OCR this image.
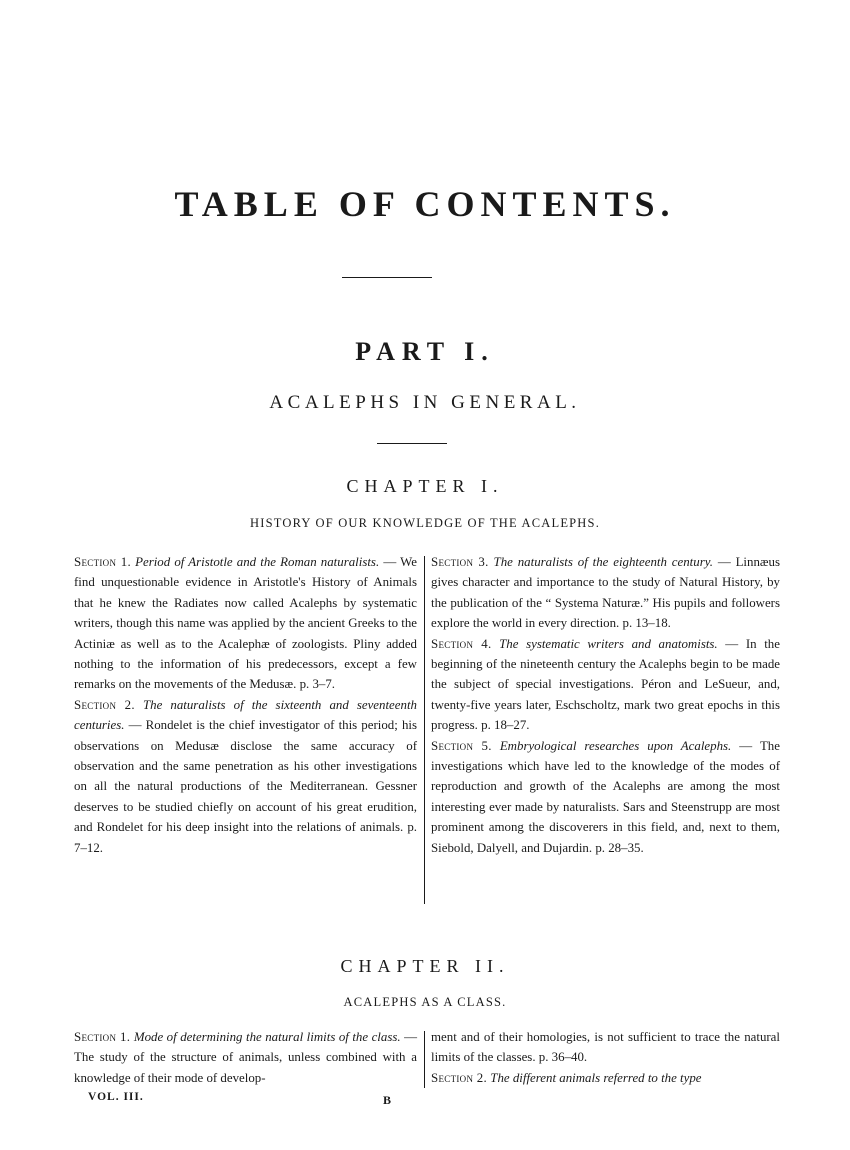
TABLE OF CONTENTS.
PART I.
ACALEPHS IN GENERAL.
CHAPTER I.
HISTORY OF OUR KNOWLEDGE OF THE ACALEPHS.

Section 1. Period of Aristotle and the Roman naturalists. — We find unquestionable evidence in Aristotle's History of Animals that he knew the Radiates now called Acalephs by systematic writers, though this name was applied by the ancient Greeks to the Actiniæ as well as to the Acalephæ of zoologists. Pliny added nothing to the information of his predecessors, except a few remarks on the movements of the Medusæ. p. 3–7.

Section 2. The naturalists of the sixteenth and seventeenth centuries. — Rondelet is the chief investigator of this period; his observations on Medusæ disclose the same accuracy of observation and the same penetration as his other investigations on all the natural productions of the Mediterranean. Gessner deserves to be studied chiefly on account of his great erudition, and Rondelet for his deep insight into the relations of animals. p. 7–12.

Section 3. The naturalists of the eighteenth century. — Linnæus gives character and importance to the study of Natural History, by the publication of the “ Systema Naturæ.” His pupils and followers explore the world in every direction. p. 13–18.

Section 4. The systematic writers and anatomists. — In the beginning of the nineteenth century the Acalephs begin to be made the subject of special investigations. Péron and LeSueur, and, twenty-five years later, Eschscholtz, mark two great epochs in this progress. p. 18–27.

Section 5. Embryological researches upon Acalephs. — The investigations which have led to the knowledge of the modes of reproduction and growth of the Acalephs are among the most interesting ever made by naturalists. Sars and Steenstrupp are most prominent among the discoverers in this field, and, next to them, Siebold, Dalyell, and Dujardin. p. 28–35.

CHAPTER II.
ACALEPHS AS A CLASS.

Section 1. Mode of determining the natural limits of the class. — The study of the structure of animals, unless combined with a knowledge of their mode of develop-

ment and of their homologies, is not sufficient to trace the natural limits of the classes. p. 36–40.

Section 2. The different animals referred to the type

VOL. III.	B
